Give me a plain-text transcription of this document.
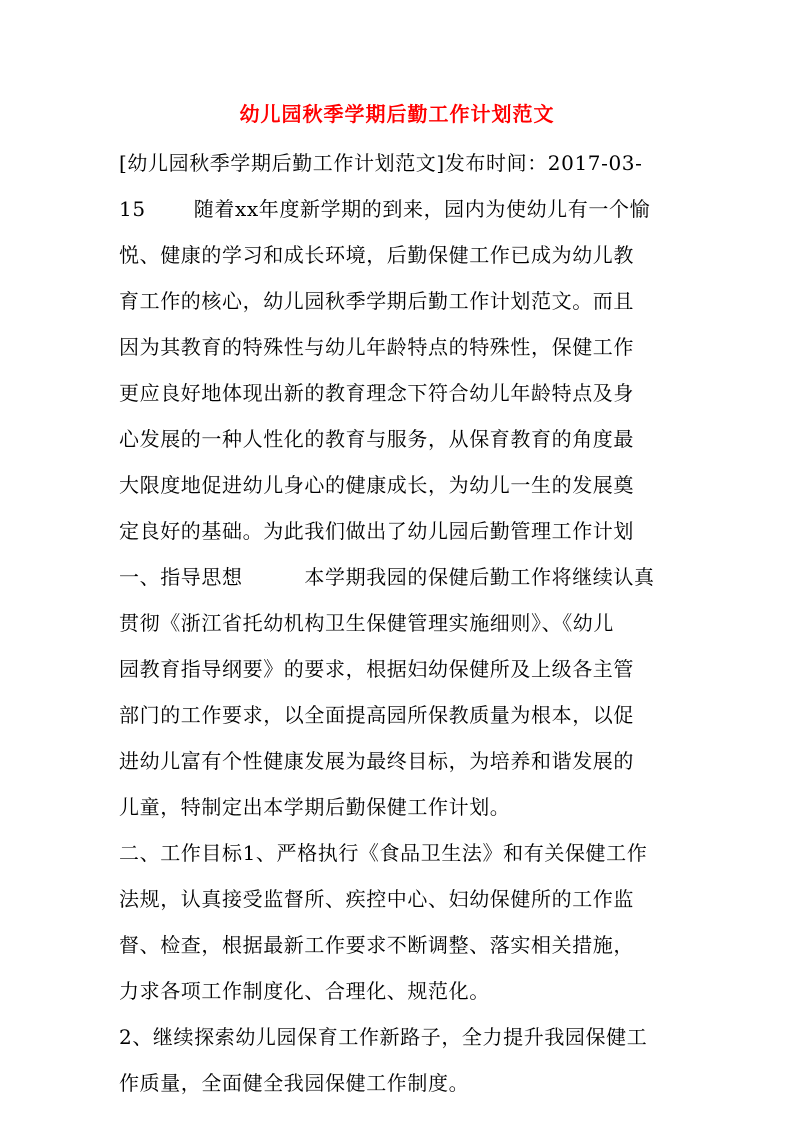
幼儿园秋季学期后勤工作计划范文
[幼儿园秋季学期后勤工作计划范文]发布时间：2017-03-
15　　 随着xx年度新学期的到来，园内为使幼儿有一个愉
悦、健康的学习和成长环境，后勤保健工作已成为幼儿教
育工作的核心，幼儿园秋季学期后勤工作计划范文。而且
因为其教育的特殊性与幼儿年龄特点的特殊性，保健工作
更应良好地体现出新的教育理念下符合幼儿年龄特点及身
心发展的一种人性化的教育与服务，从保育教育的角度最
大限度地促进幼儿身心的健康成长，为幼儿一生的发展奠
定良好的基础。为此我们做出了幼儿园后勤管理工作计划
一、指导思想　　　本学期我园的保健后勤工作将继续认真
贯彻《浙江省托幼机构卫生保健管理实施细则》、《幼儿
园教育指导纲要》的要求，根据妇幼保健所及上级各主管
部门的工作要求，以全面提高园所保教质量为根本，以促
进幼儿富有个性健康发展为最终目标，为培养和谐发展的
儿童，特制定出本学期后勤保健工作计划。
二、工作目标1、严格执行《食品卫生法》和有关保健工作
法规，认真接受监督所、疾控中心、妇幼保健所的工作监
督、检查，根据最新工作要求不断调整、落实相关措施，
力求各项工作制度化、合理化、规范化。
2、继续探索幼儿园保育工作新路子，全力提升我园保健工
作质量，全面健全我园保健工作制度。
